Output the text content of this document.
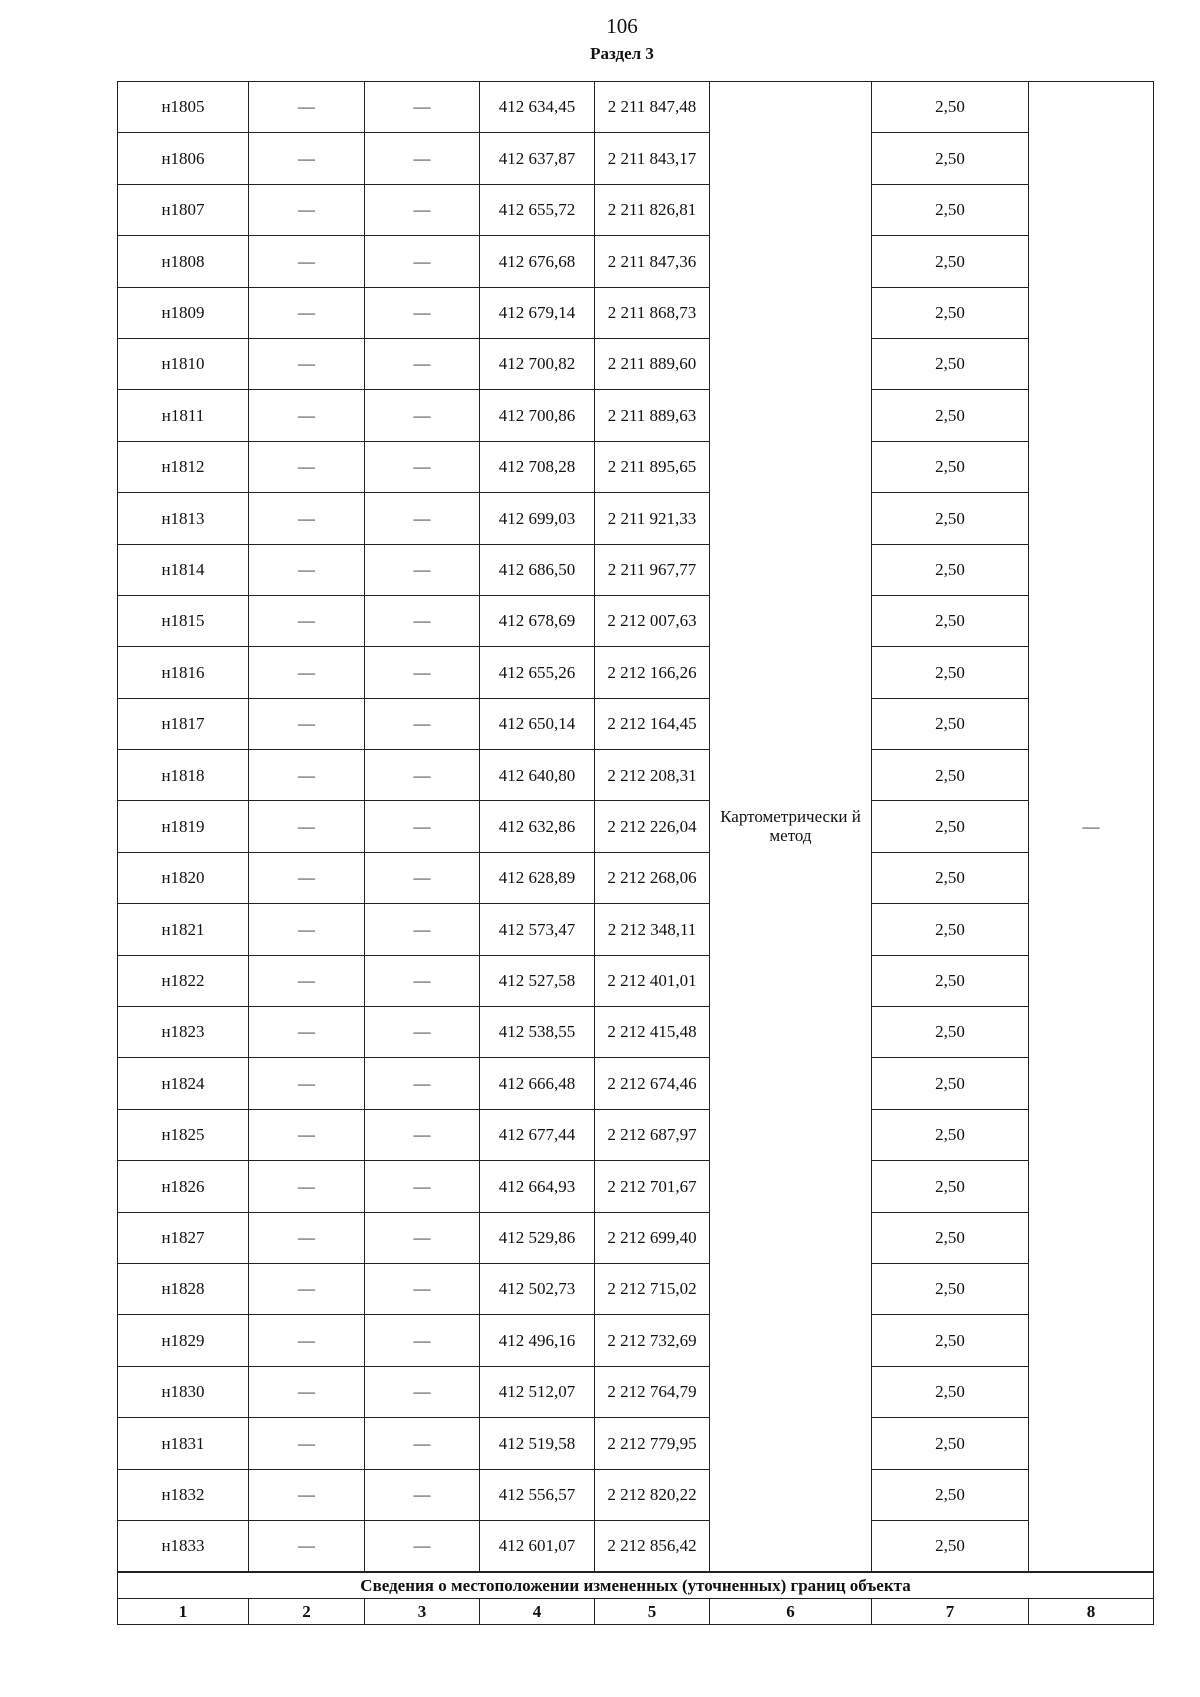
106
Раздел 3
н1805	—	—	412 634,45	2 211 847,48	Картометрически й метод	2,50	—
н1806	—	—	412 637,87	2 211 843,17		2,50	
н1807	—	—	412 655,72	2 211 826,81		2,50	
н1808	—	—	412 676,68	2 211 847,36		2,50	
н1809	—	—	412 679,14	2 211 868,73		2,50	
н1810	—	—	412 700,82	2 211 889,60		2,50	
н1811	—	—	412 700,86	2 211 889,63		2,50	
н1812	—	—	412 708,28	2 211 895,65		2,50	
н1813	—	—	412 699,03	2 211 921,33		2,50	
н1814	—	—	412 686,50	2 211 967,77		2,50	
н1815	—	—	412 678,69	2 212 007,63		2,50	
н1816	—	—	412 655,26	2 212 166,26		2,50	
н1817	—	—	412 650,14	2 212 164,45		2,50	
н1818	—	—	412 640,80	2 212 208,31		2,50	
н1819	—	—	412 632,86	2 212 226,04		2,50	
н1820	—	—	412 628,89	2 212 268,06		2,50	
н1821	—	—	412 573,47	2 212 348,11		2,50	
н1822	—	—	412 527,58	2 212 401,01		2,50	
н1823	—	—	412 538,55	2 212 415,48		2,50	
н1824	—	—	412 666,48	2 212 674,46		2,50	
н1825	—	—	412 677,44	2 212 687,97		2,50	
н1826	—	—	412 664,93	2 212 701,67		2,50	
н1827	—	—	412 529,86	2 212 699,40		2,50	
н1828	—	—	412 502,73	2 212 715,02		2,50	
н1829	—	—	412 496,16	2 212 732,69		2,50	
н1830	—	—	412 512,07	2 212 764,79		2,50	
н1831	—	—	412 519,58	2 212 779,95		2,50	
н1832	—	—	412 556,57	2 212 820,22		2,50	
н1833	—	—	412 601,07	2 212 856,42		2,50	
Сведения о местоположении измененных (уточненных) границ объекта							
1	2	3	4	5	6	7	8
